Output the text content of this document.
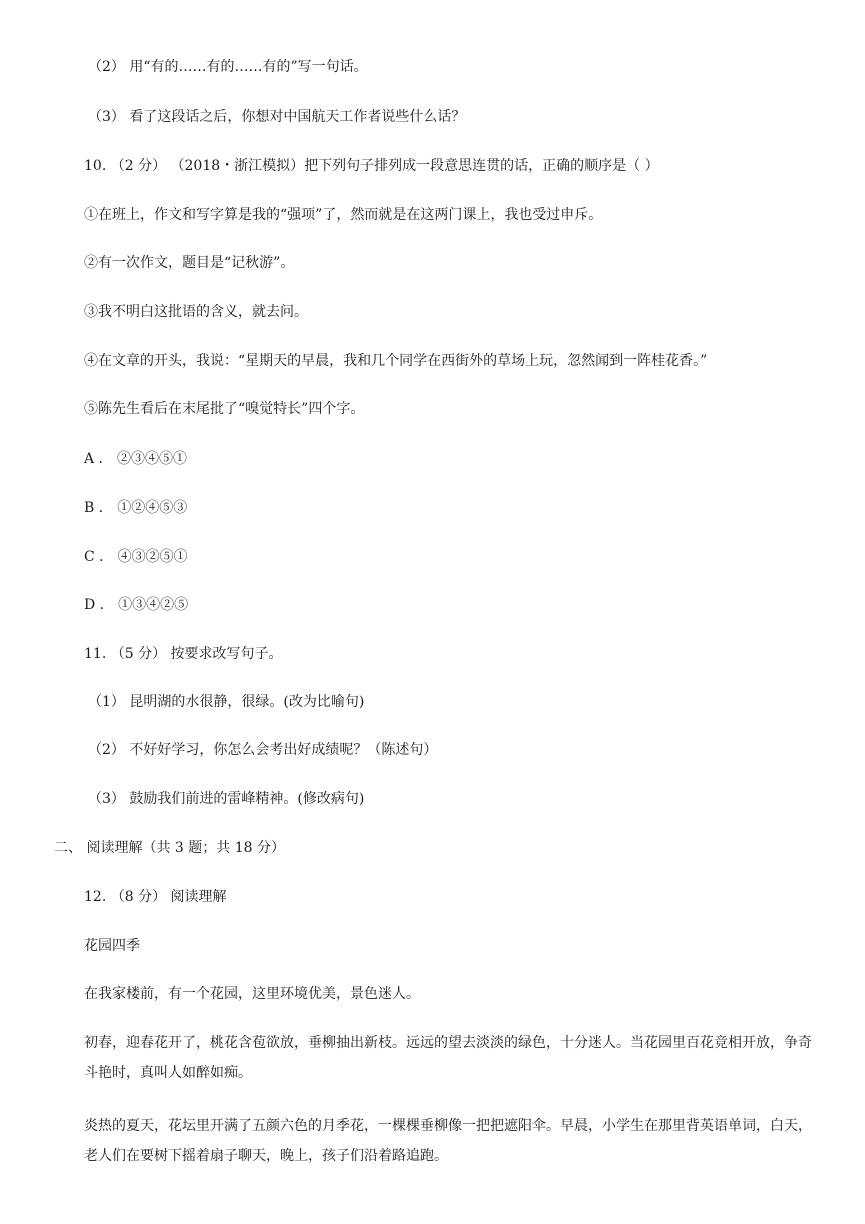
（2） 用“有的……有的……有的”写一句话。
（3） 看了这段话之后，你想对中国航天工作者说些什么话？
10. （2 分） （2018・浙江模拟）把下列句子排列成一段意思连贯的话，正确的顺序是（ ）
①在班上，作文和写字算是我的“强项”了，然而就是在这两门课上，我也受过申斥。
②有一次作文，题目是“记秋游”。
③我不明白这批语的含义，就去问。
④在文章的开头，我说：“星期天的早晨，我和几个同学在西街外的草场上玩，忽然闻到一阵桂花香。”
⑤陈先生看后在末尾批了“嗅觉特长”四个字。
A ． ②③④⑤①
B ． ①②④⑤③
C ． ④③②⑤①
D ． ①③④②⑤
11. （5 分） 按要求改写句子。
（1） 昆明湖的水很静，很绿。(改为比喻句)
（2） 不好好学习，你怎么会考出好成绩呢？（陈述句）
（3） 鼓励我们前进的雷峰精神。(修改病句)
二、 阅读理解（共 3 题；共 18 分）
12. （8 分） 阅读理解
花园四季
在我家楼前，有一个花园，这里环境优美，景色迷人。
初春，迎春花开了，桃花含苞欲放，垂柳抽出新枝。远远的望去淡淡的绿色，十分迷人。当花园里百花竞相开放，争奇斗艳时，真叫人如醉如痴。
炎热的夏天，花坛里开满了五颜六色的月季花，一棵棵垂柳像一把把遮阳伞。早晨，小学生在那里背英语单词，白天，老人们在要树下摇着扇子聊天，晚上，孩子们沿着路追跑。
